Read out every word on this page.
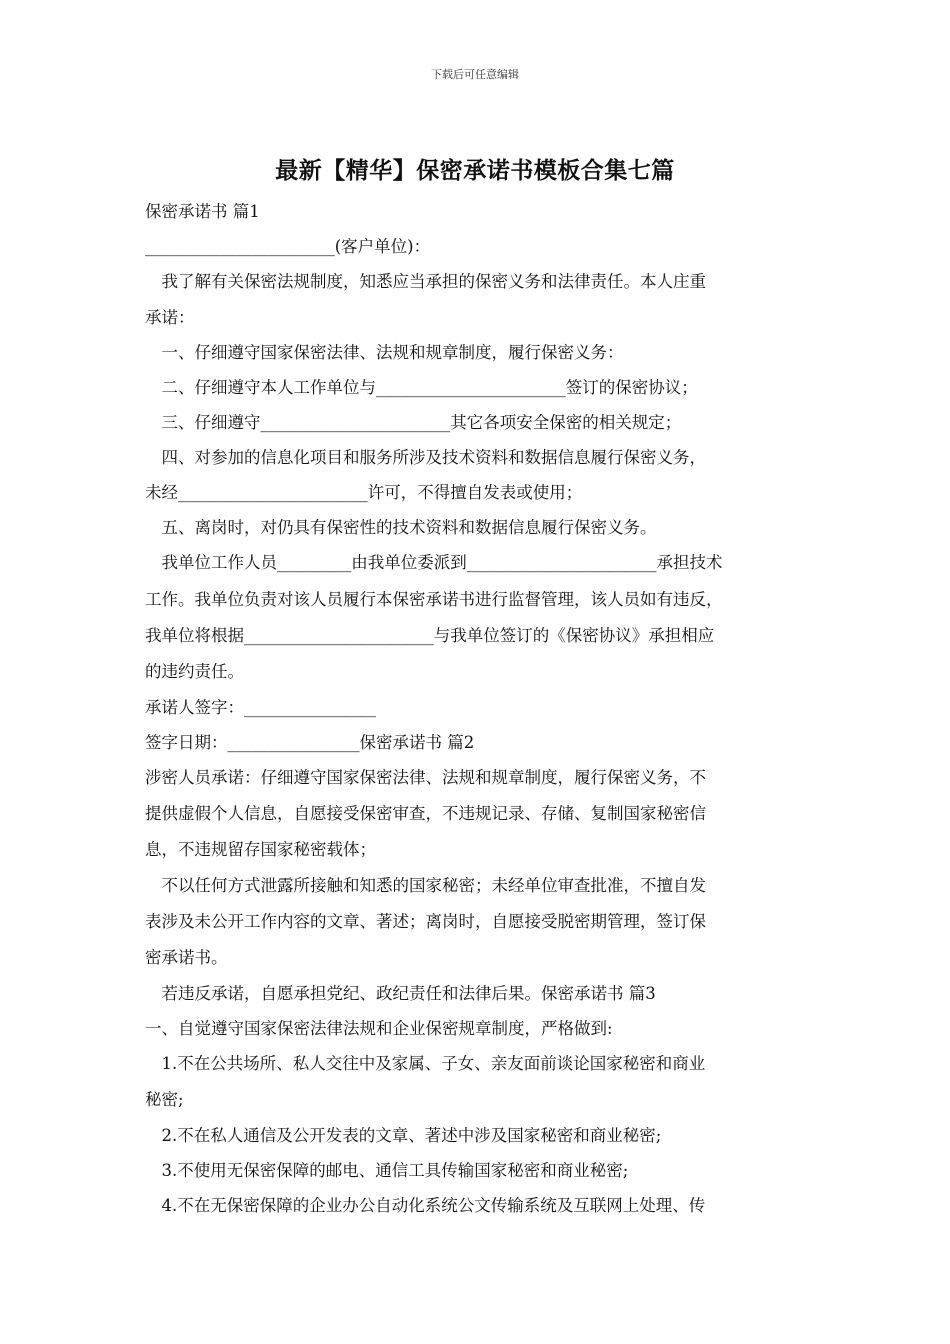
下载后可任意编辑
最新【精华】保密承诺书模板合集七篇
保密承诺书 篇1
_______________________(客户单位)：
　我了解有关保密法规制度，知悉应当承担的保密义务和法律责任。本人庄重
承诺：
　一、仔细遵守国家保密法律、法规和规章制度，履行保密义务：
　二、仔细遵守本人工作单位与_______________________签订的保密协议；
　三、仔细遵守_______________________其它各项安全保密的相关规定；
　四、对参加的信息化项目和服务所涉及技术资料和数据信息履行保密义务，
未经_______________________许可，不得擅自发表或使用；
　五、离岗时，对仍具有保密性的技术资料和数据信息履行保密义务。
　我单位工作人员_________由我单位委派到_______________________承担技术
工作。我单位负责对该人员履行本保密承诺书进行监督管理，该人员如有违反，
我单位将根据_______________________与我单位签订的《保密协议》承担相应
的违约责任。
承诺人签字：________________
签字日期：________________保密承诺书 篇2
涉密人员承诺：仔细遵守国家保密法律、法规和规章制度，履行保密义务，不
提供虚假个人信息，自愿接受保密审查，不违规记录、存储、复制国家秘密信
息，不违规留存国家秘密载体；
　不以任何方式泄露所接触和知悉的国家秘密；未经单位审查批准，不擅自发
表涉及未公开工作内容的文章、著述；离岗时，自愿接受脱密期管理，签订保
密承诺书。
　若违反承诺，自愿承担党纪、政纪责任和法律后果。保密承诺书 篇3
一、自觉遵守国家保密法律法规和企业保密规章制度，严格做到:
　1.不在公共场所、私人交往中及家属、子女、亲友面前谈论国家秘密和商业
秘密;
　2.不在私人通信及公开发表的文章、著述中涉及国家秘密和商业秘密;
　3.不使用无保密保障的邮电、通信工具传输国家秘密和商业秘密;
　4.不在无保密保障的企业办公自动化系统公文传输系统及互联网上处理、传
